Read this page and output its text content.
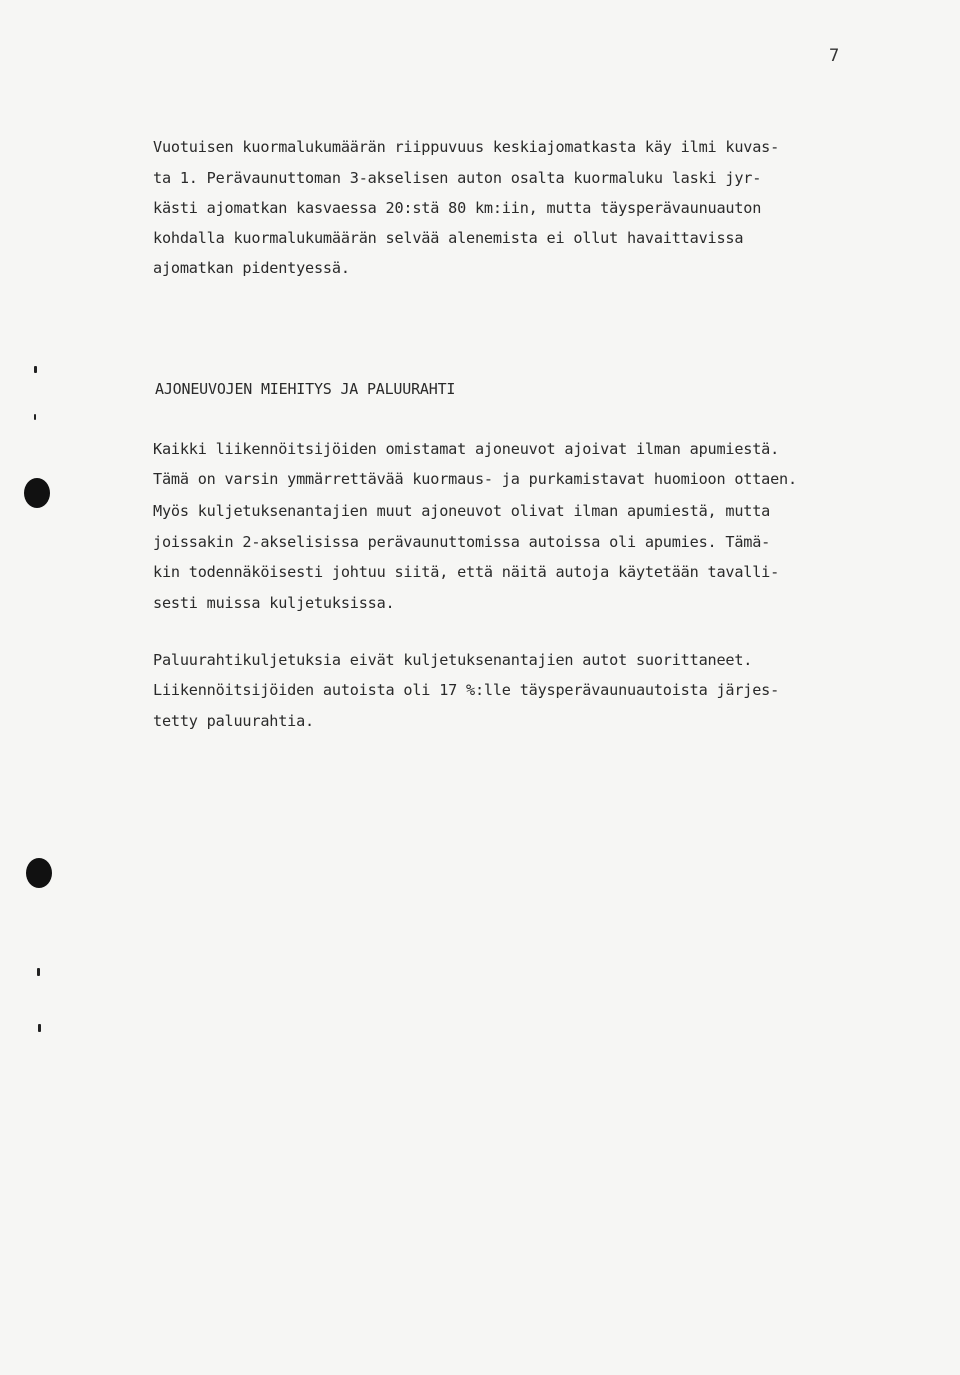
7
Vuotuisen kuormalukumäärän riippuvuus keskiajomatkasta käy ilmi kuvas-
ta 1. Perävaunuttoman 3-akselisen auton osalta kuormaluku laski jyr-
kästi ajomatkan kasvaessa 20:stä 80 km:iin, mutta täysperävaunuauton
kohdalla kuormalukumäärän selvää alenemista ei ollut havaittavissa
ajomatkan pidentyessä.
AJONEUVOJEN MIEHITYS JA PALUURAHTI
Kaikki liikennöitsijöiden omistamat ajoneuvot ajoivat ilman apumiestä.
Tämä on varsin ymmärrettävää kuormaus- ja purkamistavat huomioon ottaen.
Myös kuljetuksenantajien muut ajoneuvot olivat ilman apumiestä, mutta
joissakin 2-akselisissa perävaunuttomissa autoissa oli apumies. Tämä-
kin todennäköisesti johtuu siitä, että näitä autoja käytetään tavalli-
sesti muissa kuljetuksissa.
Paluurahtikuljetuksia eivät kuljetuksenantajien autot suorittaneet.
Liikennöitsijöiden autoista oli 17 %:lle täysperävaunuautoista järjes-
tetty paluurahtia.
